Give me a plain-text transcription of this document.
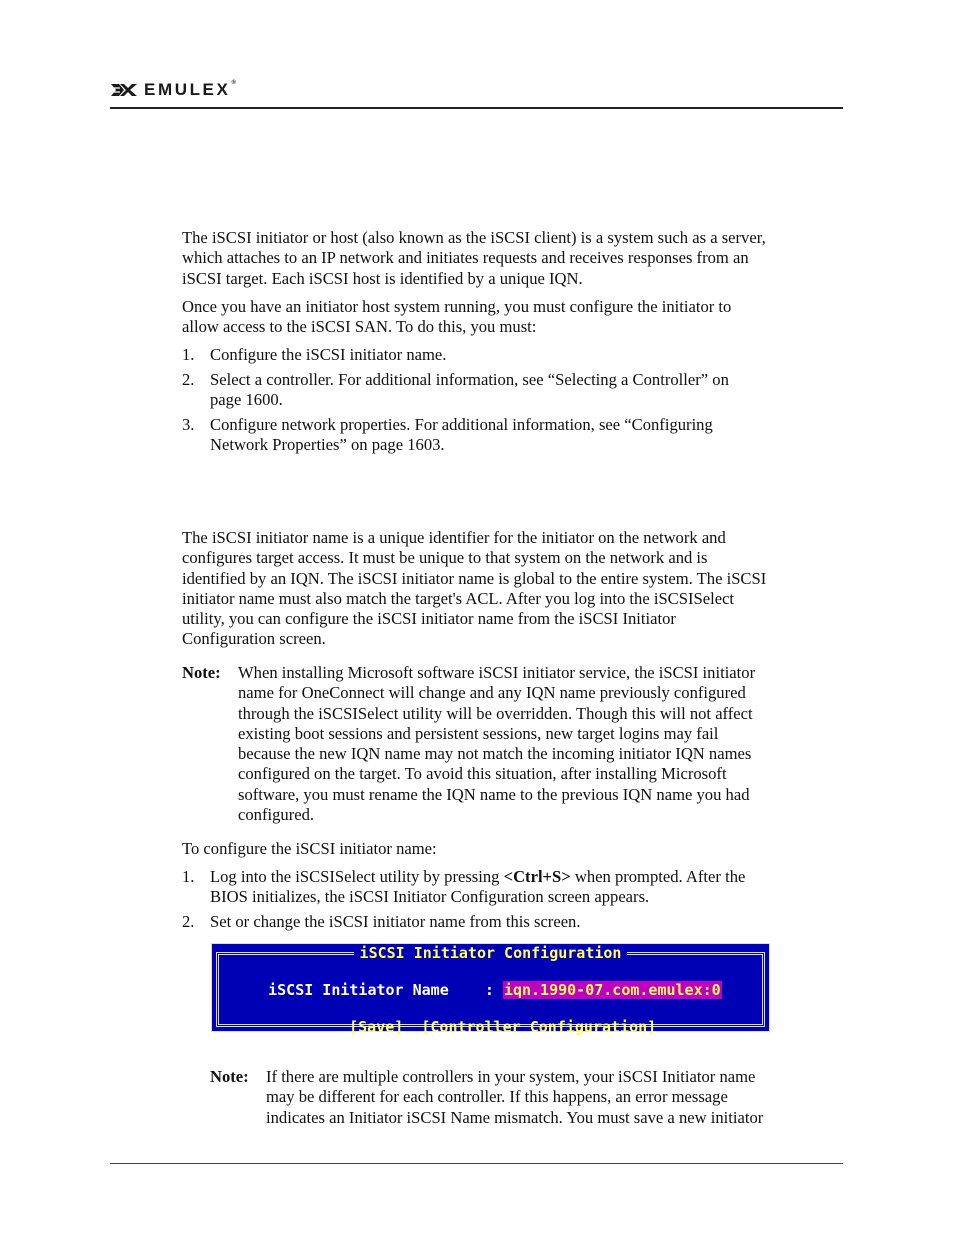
EMULEX®

The iSCSI initiator or host (also known as the iSCSI client) is a system such as a server,

which attaches to an IP network and initiates requests and receives responses from an

iSCSI target. Each iSCSI host is identified by a unique IQN.

Once you have an initiator host system running, you must configure the initiator to

allow access to the iSCSI SAN. To do this, you must:

1. Configure the iSCSI initiator name.
2. Select a controller. For additional information, see “Selecting a Controller” on
page 1600.
3. Configure network properties. For additional information, see “Configuring
Network Properties” on page 1603.

The iSCSI initiator name is a unique identifier for the initiator on the network and

configures target access. It must be unique to that system on the network and is

identified by an IQN. The iSCSI initiator name is global to the entire system. The iSCSI

initiator name must also match the target's ACL. After you log into the iSCSISelect

utility, you can configure the iSCSI initiator name from the iSCSI Initiator

Configuration screen.

Note: When installing Microsoft software iSCSI initiator service, the iSCSI initiator
name for OneConnect will change and any IQN name previously configured
through the iSCSISelect utility will be overridden. Though this will not affect
existing boot sessions and persistent sessions, new target logins may fail
because the new IQN name may not match the incoming initiator IQN names
configured on the target. To avoid this situation, after installing Microsoft
software, you must rename the IQN name to the previous IQN name you had
configured.

To configure the iSCSI initiator name:

1. Log into the iSCSISelect utility by pressing <Ctrl+S> when prompted. After the
BIOS initializes, the iSCSI Initiator Configuration screen appears.
2. Set or change the iSCSI initiator name from this screen.
iSCSI Initiator Configuration

iSCSI Initiator Name    : iqn.1990-07.com.emulex:0

[Save] [Controller Configuration]

Note: If there are multiple controllers in your system, your iSCSI Initiator name
may be different for each controller. If this happens, an error message
indicates an Initiator iSCSI Name mismatch. You must save a new initiator
